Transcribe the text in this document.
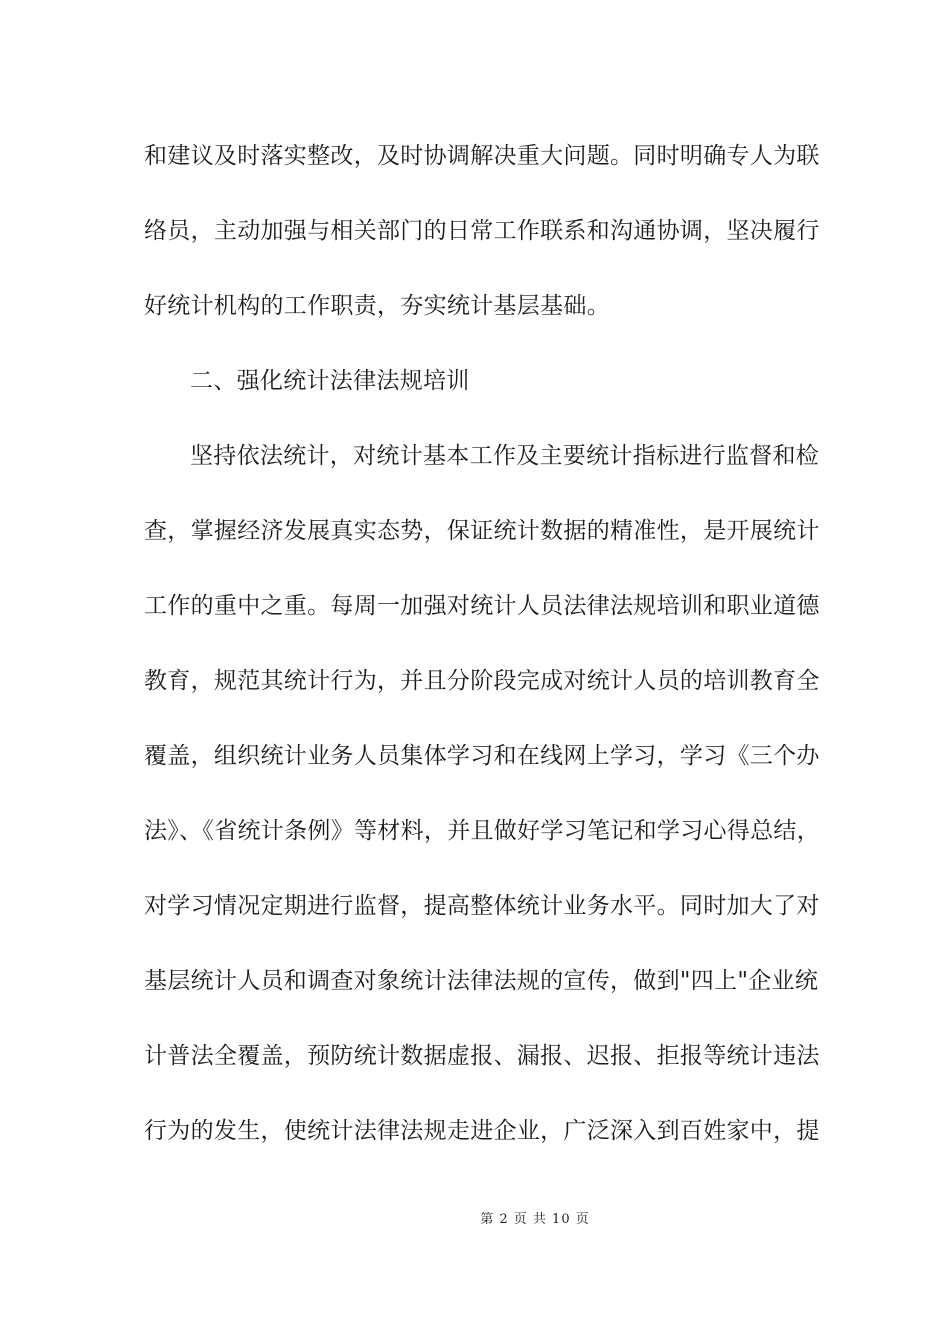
和建议及时落实整改，及时协调解决重大问题。同时明确专人为联
络员，主动加强与相关部门的日常工作联系和沟通协调，坚决履行
好统计机构的工作职责，夯实统计基层基础。
二、强化统计法律法规培训
坚持依法统计，对统计基本工作及主要统计指标进行监督和检
查，掌握经济发展真实态势，保证统计数据的精准性，是开展统计
工作的重中之重。每周一加强对统计人员法律法规培训和职业道德
教育，规范其统计行为，并且分阶段完成对统计人员的培训教育全
覆盖，组织统计业务人员集体学习和在线网上学习，学习《三个办
法》、《省统计条例》等材料，并且做好学习笔记和学习心得总结，
对学习情况定期进行监督，提高整体统计业务水平。同时加大了对
基层统计人员和调查对象统计法律法规的宣传，做到"四上"企业统
计普法全覆盖，预防统计数据虚报、漏报、迟报、拒报等统计违法
行为的发生，使统计法律法规走进企业，广泛深入到百姓家中，提
第 2 页 共 10 页
